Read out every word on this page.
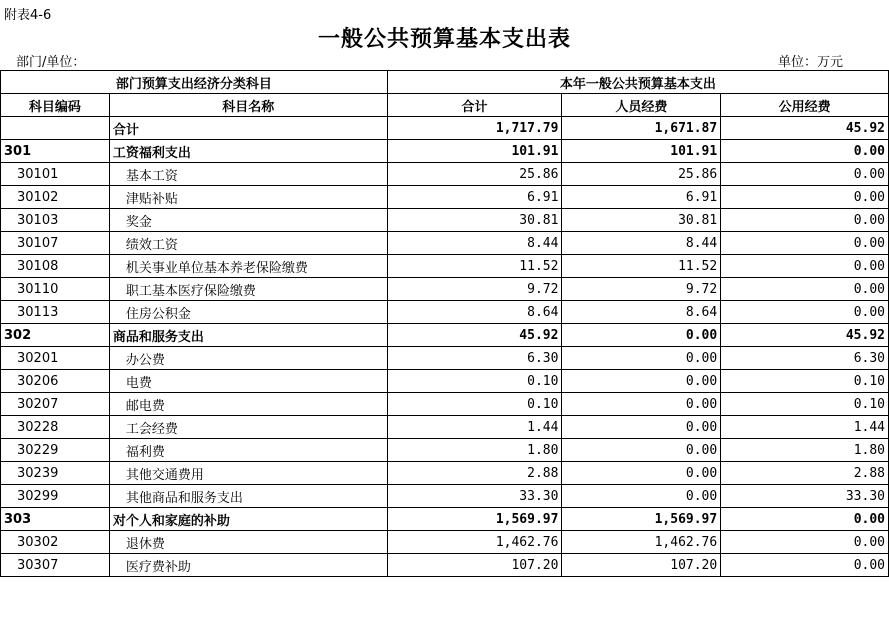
附表4-6
一般公共预算基本支出表
部门/单位：	单位：万元
部门预算支出经济分类科目		本年一般公共预算基本支出		
科目编码	科目名称	合计	人员经费	公用经费
	合计	1,717.79	1,671.87	45.92
301	工资福利支出	101.91	101.91	0.00
30101	基本工资	25.86	25.86	0.00
30102	津贴补贴	6.91	6.91	0.00
30103	奖金	30.81	30.81	0.00
30107	绩效工资	8.44	8.44	0.00
30108	机关事业单位基本养老保险缴费	11.52	11.52	0.00
30110	职工基本医疗保险缴费	9.72	9.72	0.00
30113	住房公积金	8.64	8.64	0.00
302	商品和服务支出	45.92	0.00	45.92
30201	办公费	6.30	0.00	6.30
30206	电费	0.10	0.00	0.10
30207	邮电费	0.10	0.00	0.10
30228	工会经费	1.44	0.00	1.44
30229	福利费	1.80	0.00	1.80
30239	其他交通费用	2.88	0.00	2.88
30299	其他商品和服务支出	33.30	0.00	33.30
303	对个人和家庭的补助	1,569.97	1,569.97	0.00
30302	退休费	1,462.76	1,462.76	0.00
30307	医疗费补助	107.20	107.20	0.00
